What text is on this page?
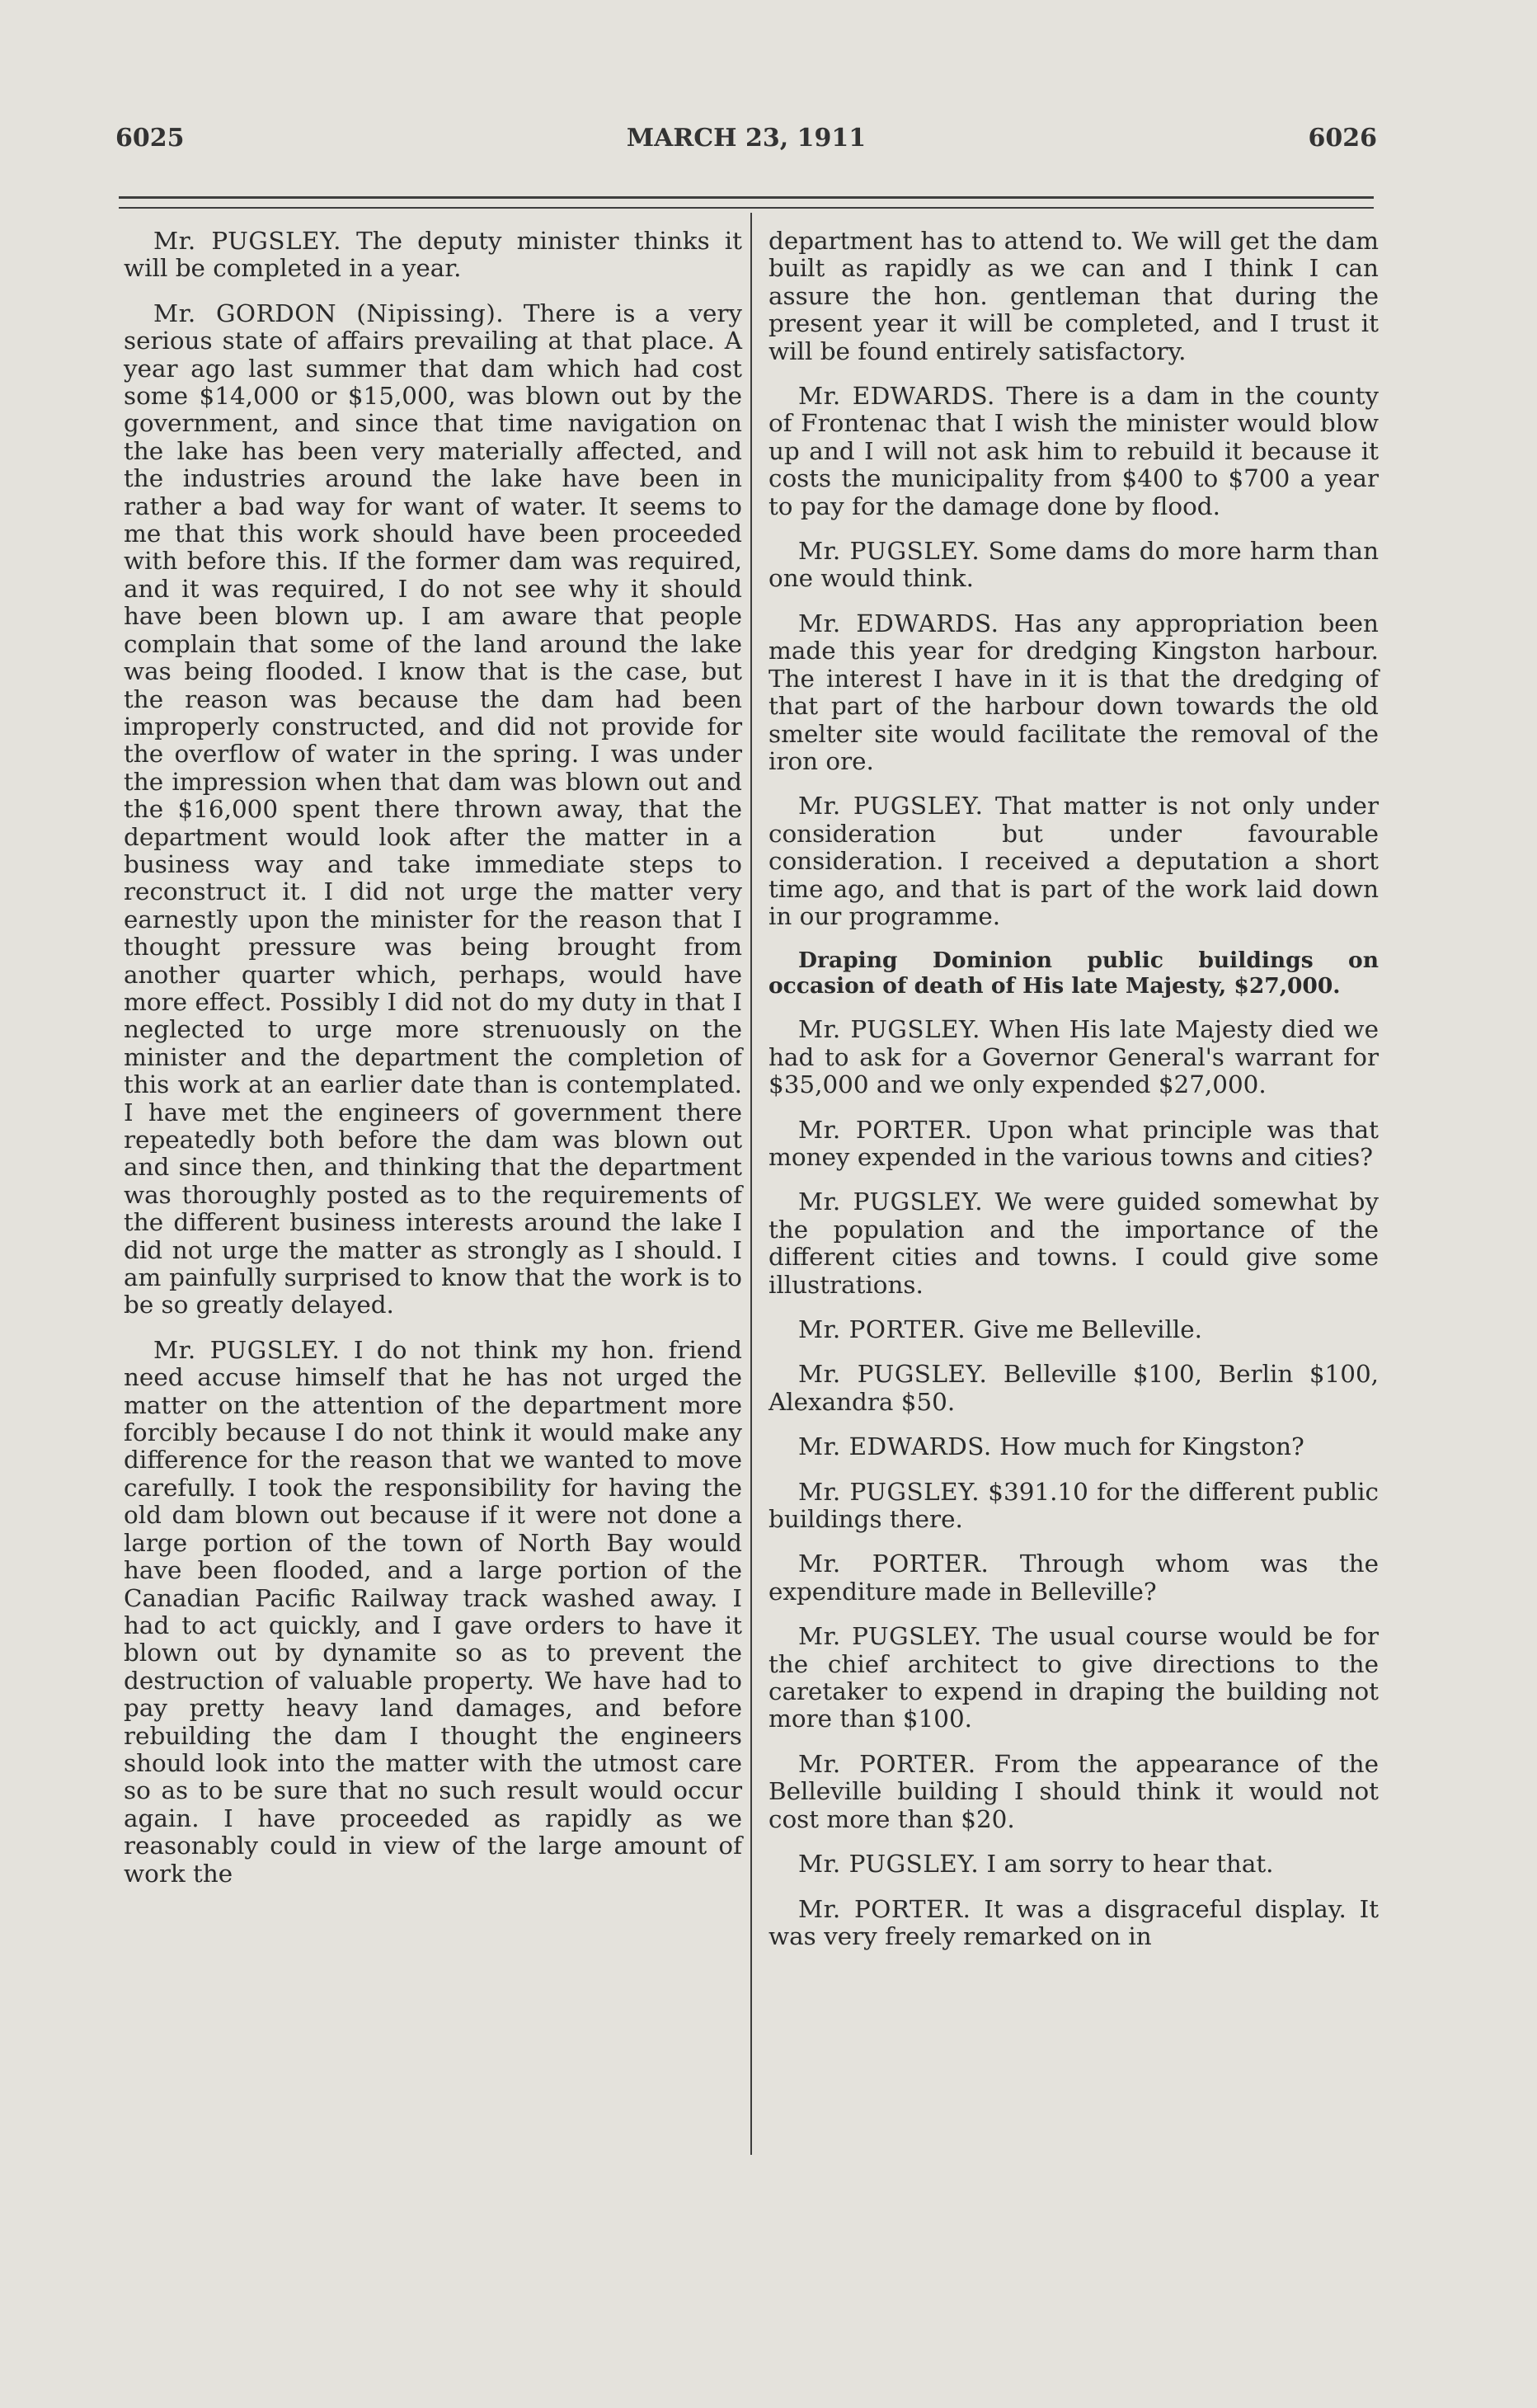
6025	MARCH 23, 1911	6026

Mr. PUGSLEY. The deputy minister thinks it will be completed in a year.

Mr. GORDON (Nipissing). There is a very serious state of affairs prevailing at that place. A year ago last summer that dam which had cost some $14,000 or $15,000, was blown out by the government, and since that time navigation on the lake has been very materially affected, and the industries around the lake have been in rather a bad way for want of water. It seems to me that this work should have been proceeded with before this. If the former dam was required, and it was required, I do not see why it should have been blown up. I am aware that people complain that some of the land around the lake was being flooded. I know that is the case, but the reason was because the dam had been improperly constructed, and did not provide for the overflow of water in the spring. I was under the impression when that dam was blown out and the $16,000 spent there thrown away, that the department would look after the matter in a business way and take immediate steps to reconstruct it. I did not urge the matter very earnestly upon the minister for the reason that I thought pressure was being brought from another quarter which, perhaps, would have more effect. Possibly I did not do my duty in that I neglected to urge more strenuously on the minister and the department the completion of this work at an earlier date than is contemplated. I have met the engineers of government there repeatedly both before the dam was blown out and since then, and thinking that the department was thoroughly posted as to the requirements of the different business interests around the lake I did not urge the matter as strongly as I should. I am painfully surprised to know that the work is to be so greatly delayed.

Mr. PUGSLEY. I do not think my hon. friend need accuse himself that he has not urged the matter on the attention of the department more forcibly because I do not think it would make any difference for the reason that we wanted to move carefully. I took the responsibility for having the old dam blown out because if it were not done a large portion of the town of North Bay would have been flooded, and a large portion of the Canadian Pacific Railway track washed away. I had to act quickly, and I gave orders to have it blown out by dynamite so as to prevent the destruction of valuable property. We have had to pay pretty heavy land damages, and before rebuilding the dam I thought the engineers should look into the matter with the utmost care so as to be sure that no such result would occur again. I have proceeded as rapidly as we reasonably could in view of the large amount of work the

department has to attend to. We will get the dam built as rapidly as we can and I think I can assure the hon. gentleman that during the present year it will be completed, and I trust it will be found entirely satisfactory.

Mr. EDWARDS. There is a dam in the county of Frontenac that I wish the minister would blow up and I will not ask him to rebuild it because it costs the municipality from $400 to $700 a year to pay for the damage done by flood.

Mr. PUGSLEY. Some dams do more harm than one would think.

Mr. EDWARDS. Has any appropriation been made this year for dredging Kingston harbour. The interest I have in it is that the dredging of that part of the harbour down towards the old smelter site would facilitate the removal of the iron ore.

Mr. PUGSLEY. That matter is not only under consideration but under favourable consideration. I received a deputation a short time ago, and that is part of the work laid down in our programme.

Draping Dominion public buildings on occasion of death of His late Majesty, $27,000.

Mr. PUGSLEY. When His late Majesty died we had to ask for a Governor General's warrant for $35,000 and we only expended $27,000.

Mr. PORTER. Upon what principle was that money expended in the various towns and cities?

Mr. PUGSLEY. We were guided somewhat by the population and the importance of the different cities and towns. I could give some illustrations.

Mr. PORTER. Give me Belleville.

Mr. PUGSLEY. Belleville $100, Berlin $100, Alexandra $50.

Mr. EDWARDS. How much for Kingston?

Mr. PUGSLEY. $391.10 for the different public buildings there.

Mr. PORTER. Through whom was the expenditure made in Belleville?

Mr. PUGSLEY. The usual course would be for the chief architect to give directions to the caretaker to expend in draping the building not more than $100.

Mr. PORTER. From the appearance of the Belleville building I should think it would not cost more than $20.

Mr. PUGSLEY. I am sorry to hear that.

Mr. PORTER. It was a disgraceful display. It was very freely remarked on in
